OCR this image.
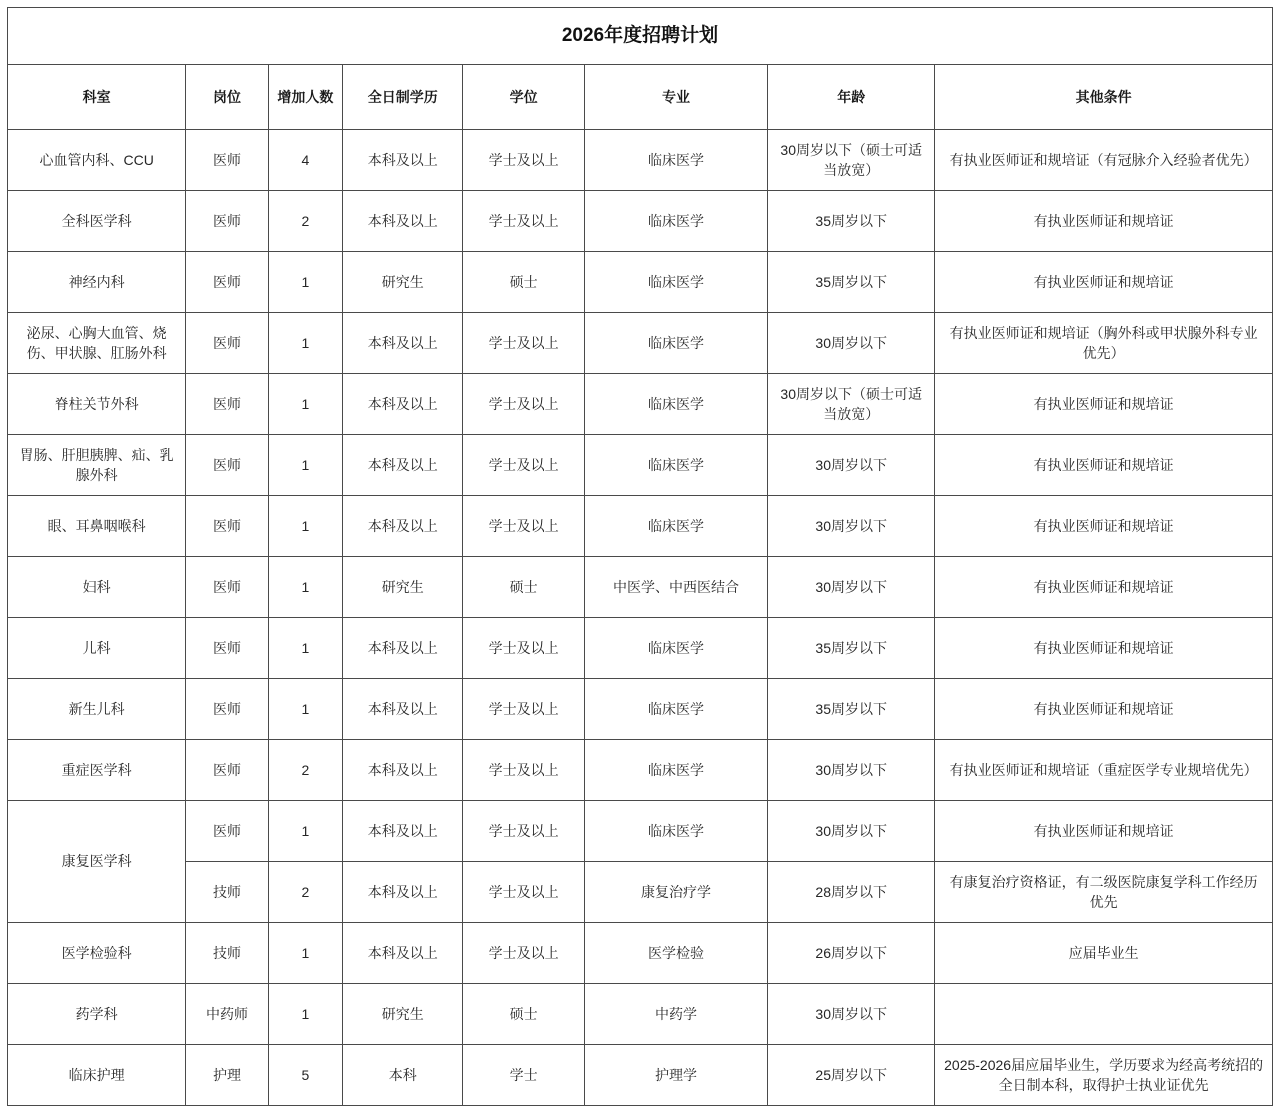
2026年度招聘计划							
科室	岗位	增加人数	全日制学历	学位	专业	年龄	其他条件
心血管内科、CCU	医师	4	本科及以上	学士及以上	临床医学	30周岁以下（硕士可适当放宽）	有执业医师证和规培证（有冠脉介入经验者优先）
全科医学科	医师	2	本科及以上	学士及以上	临床医学	35周岁以下	有执业医师证和规培证
神经内科	医师	1	研究生	硕士	临床医学	35周岁以下	有执业医师证和规培证
泌尿、心胸大血管、烧伤、甲状腺、肛肠外科	医师	1	本科及以上	学士及以上	临床医学	30周岁以下	有执业医师证和规培证（胸外科或甲状腺外科专业优先）
脊柱关节外科	医师	1	本科及以上	学士及以上	临床医学	30周岁以下（硕士可适当放宽）	有执业医师证和规培证
胃肠、肝胆胰脾、疝、乳腺外科	医师	1	本科及以上	学士及以上	临床医学	30周岁以下	有执业医师证和规培证
眼、耳鼻咽喉科	医师	1	本科及以上	学士及以上	临床医学	30周岁以下	有执业医师证和规培证
妇科	医师	1	研究生	硕士	中医学、中西医结合	30周岁以下	有执业医师证和规培证
儿科	医师	1	本科及以上	学士及以上	临床医学	35周岁以下	有执业医师证和规培证
新生儿科	医师	1	本科及以上	学士及以上	临床医学	35周岁以下	有执业医师证和规培证
重症医学科	医师	2	本科及以上	学士及以上	临床医学	30周岁以下	有执业医师证和规培证（重症医学专业规培优先）
康复医学科	医师	1	本科及以上	学士及以上	临床医学	30周岁以下	有执业医师证和规培证
	技师	2	本科及以上	学士及以上	康复治疗学	28周岁以下	有康复治疗资格证，有二级医院康复学科工作经历优先
医学检验科	技师	1	本科及以上	学士及以上	医学检验	26周岁以下	应届毕业生
药学科	中药师	1	研究生	硕士	中药学	30周岁以下	
临床护理	护理	5	本科	学士	护理学	25周岁以下	2025-2026届应届毕业生，学历要求为经高考统招的全日制本科，取得护士执业证优先
